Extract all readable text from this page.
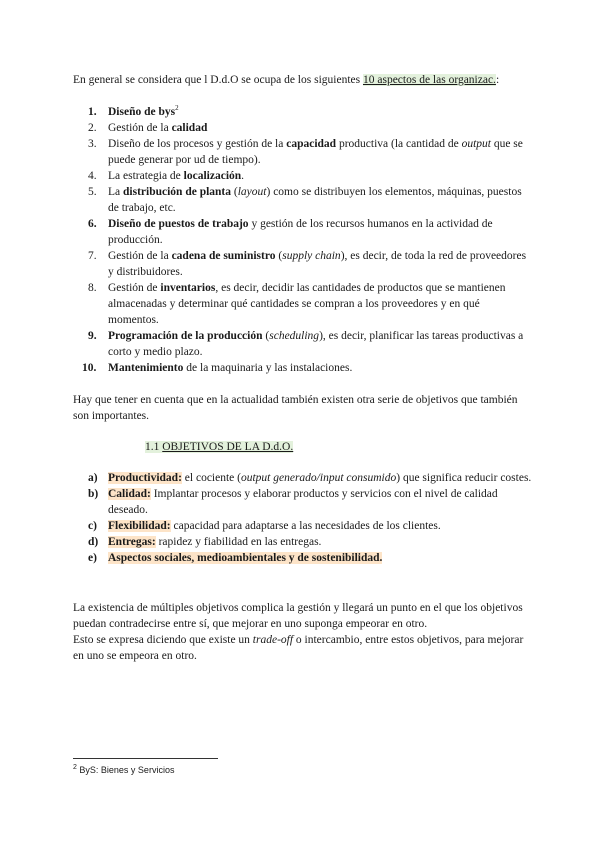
En general se considera que l D.d.O se ocupa de los siguientes 10 aspectos de las organizac.:

1. Diseño de bys$^2$
2. Gestión de la calidad
3. Diseño de los procesos y gestión de la capacidad productiva (la cantidad de output que se puede generar por ud de tiempo).
4. La estrategia de localización.
5. La distribución de planta (layout) como se distribuyen los elementos, máquinas, puestos de trabajo, etc.
6. Diseño de puestos de trabajo y gestión de los recursos humanos en la actividad de producción.
7. Gestión de la cadena de suministro (supply chain), es decir, de toda la red de proveedores y distribuidores.
8. Gestión de inventarios, es decir, decidir las cantidades de productos que se mantienen almacenadas y determinar qué cantidades se compran a los proveedores y en qué momentos.
9. Programación de la producción (scheduling), es decir, planificar las tareas productivas a corto y medio plazo.
10.	Mantenimiento de la maquinaria y las instalaciones.

Hay que tener en cuenta que en la actualidad también existen otra serie de objetivos que también son importantes.

1.1 OBJETIVOS DE LA D.d.O.
a) Productividad: el cociente (output generado/input consumido) que significa reducir costes.
b) Calidad: Implantar procesos y elaborar productos y servicios con el nivel de calidad deseado.
c) Flexibilidad: capacidad para adaptarse a las necesidades de los clientes.
d) Entregas: rapidez y fiabilidad en las entregas.
e) Aspectos sociales, medioambientales y de sostenibilidad.
La existencia de múltiples objetivos complica la gestión y llegará un punto en el que los objetivos puedan contradecirse entre sí, que mejorar en uno suponga empeorar en otro.
Esto se expresa diciendo que existe un trade-off o intercambio, entre estos objetivos, para mejorar en uno se empeora en otro.
$^2$ ByS: Bienes y Servicios
